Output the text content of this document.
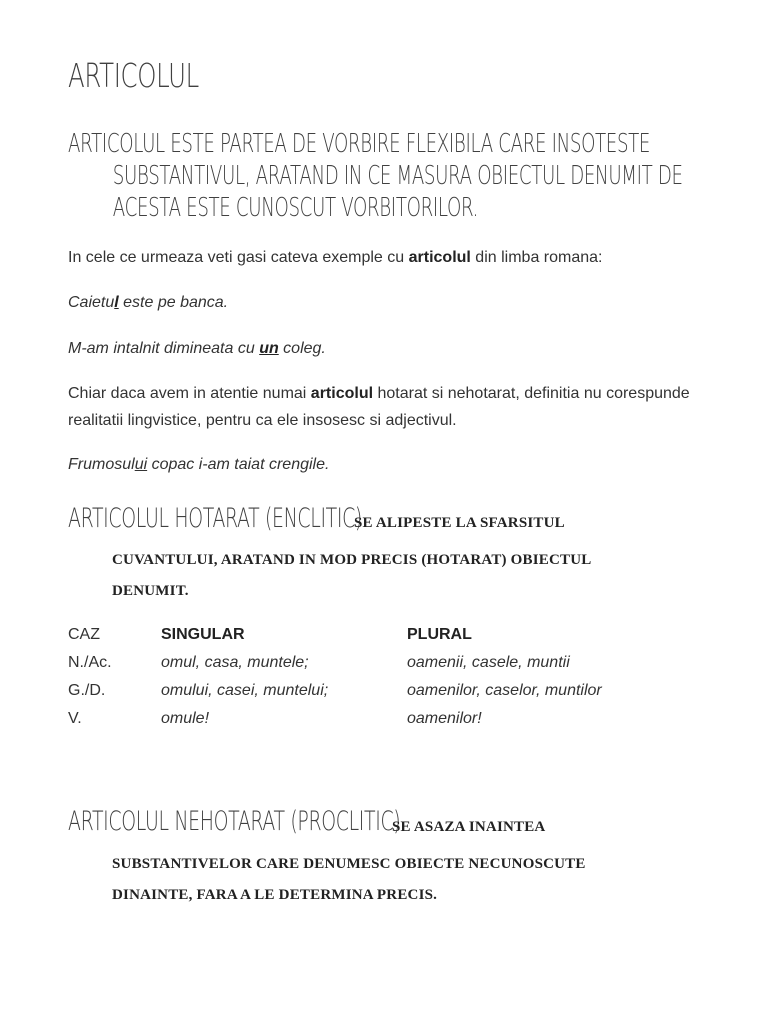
ARTICOLUL
ARTICOLUL ESTE PARTEA DE VORBIRE FLEXIBILA CARE INSOTESTE SUBSTANTIVUL, ARATAND IN CE MASURA OBIECTUL DENUMIT DE ACESTA ESTE CUNOSCUT VORBITORILOR.
In cele ce urmeaza veti gasi cateva exemple cu articolul din limba romana:
Caietul este pe banca.
M-am intalnit dimineata cu un coleg.
Chiar daca avem in atentie numai articolul hotarat si nehotarat, definitia nu corespunde realitatii lingvistice, pentru ca ele insosesc si adjectivul.
Frumosului copac i-am taiat crengile.
ARTICOLUL HOTARAT (ENCLITIC)
SE ALIPESTE LA SFARSITUL
CUVANTULUI, ARATAND IN MOD PRECIS (HOTARAT) OBIECTUL
DENUMIT.
CAZ	SINGULAR	PLURAL
N./Ac.	omul, casa, muntele;	oamenii, casele, muntii
G./D.	omului, casei, muntelui;	oamenilor, caselor, muntilor
V.	omule!	oamenilor!
ARTICOLUL NEHOTARAT (PROCLITIC)
SE ASAZA INAINTEA
SUBSTANTIVELOR CARE DENUMESC OBIECTE NECUNOSCUTE
DINAINTE, FARA A LE DETERMINA PRECIS.
